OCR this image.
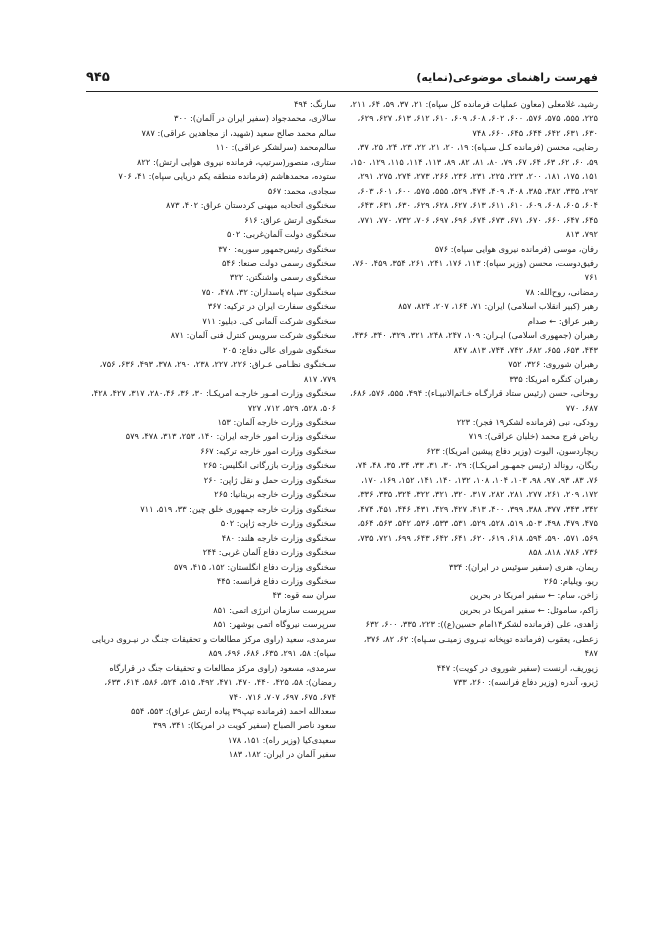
فهرست راهنمای موضوعی(نمایه)
۹۴۵

رشید، غلامعلی (معاون عملیات فرمانده کل سپاه): ۲۱، ۳۷، ۵۹، ۶۴، ۲۱۱، ۲۲۵، ۵۵۵، ۵۷۵، ۵۷۶، ۶۰۰، ۶۰۲، ۶۰۸، ۶۰۹، ۶۱۰، ۶۱۲، ۶۱۳، ۶۲۷، ۶۲۹، ۶۳۰، ۶۳۱، ۶۴۲، ۶۴۴، ۶۴۵، ۶۶۰، ۷۴۸

رضایی، محسن (فرمانده کـل سـپاه): ۱۹، ۲۰، ۲۱، ۲۲، ۲۳، ۲۴، ۲۵، ۳۷، ۵۹، ۶۰، ۶۲، ۶۳، ۶۴، ۶۷، ۷۹، ۸۰، ۸۱، ۸۲، ۸۹، ۱۱۳، ۱۱۴، ۱۱۵، ۱۲۹، ۱۵۰، ۱۵۱، ۱۷۵، ۱۸۱، ۲۰۰، ۲۲۳، ۲۲۵، ۲۳۱، ۲۳۶، ۲۶۶، ۲۷۳، ۲۷۴، ۲۷۵، ۲۹۱، ۲۹۲، ۳۳۵، ۳۸۲، ۳۸۵، ۴۰۸، ۴۰۹، ۴۷۴، ۵۲۹، ۵۵۵، ۵۷۵، ۶۰۰، ۶۰۱، ۶۰۳، ۶۰۴، ۶۰۵، ۶۰۸، ۶۰۹، ۶۱۰، ۶۱۱، ۶۱۳، ۶۲۷، ۶۲۸، ۶۲۹، ۶۳۰، ۶۳۱، ۶۴۳، ۶۴۵، ۶۴۷، ۶۶۰، ۶۷۰، ۶۷۱، ۶۷۳، ۶۷۴، ۶۹۶، ۶۹۷، ۷۰۶، ۷۳۲، ۷۷۰، ۷۷۱، ۷۹۲، ۸۱۳

رفان، موسی (فرمانده نیروی هوایی سپاه): ۵۷۶

رفیق‌دوست، محسن (وزیر سپاه): ۱۱۳، ۱۷۶، ۲۴۱، ۲۶۱، ۳۵۴، ۴۵۹، ۷۶۰، ۷۶۱

رمضانی، روح‌الله: ۷۸

رهبر (کبیر انقلاب اسلامی) ایران: ۷۱، ۱۶۴، ۲۰۷، ۸۲۴، ۸۵۷

رهبر عراق: ← صدام

رهبران (جمهوری اسلامی) ایـران: ۱۰۹، ۲۴۷، ۲۴۸، ۳۲۱، ۳۲۹، ۳۴۰، ۴۳۶، ۴۴۳، ۶۵۳، ۶۵۵، ۶۸۲، ۷۴۲، ۷۴۴، ۸۱۳، ۸۴۷

رهبران شوروی: ۳۲۶، ۷۵۲

رهبران کنگره امریکا: ۳۳۵

روحانی، حسن (رئیس ستاد قرارگـاه خـاتم‌الانبیـاء): ۴۹۴، ۵۵۵، ۵۷۶، ۶۸۶، ۶۸۷، ۷۷۰

رودکی، نبی (فرمانده لشکر۱۹ فجر): ۲۲۳

ریاض فرج محمد (خلبان عراقی): ۷۱۹

ریچاردسون، الیوت (وزیر دفاع پیشین امریکا): ۶۲۳

ریگان، رونالد (رئیس جمهـور امریکـا): ۲۹، ۳۰، ۳۱، ۳۳، ۳۴، ۳۵، ۴۸، ۷۴، ۷۶، ۸۳، ۹۳، ۹۷، ۹۸، ۱۰۳، ۱۰۴، ۱۰۸، ۱۳۲، ۱۴۰، ۱۴۱، ۱۵۲، ۱۶۹، ۱۷۰، ۱۷۲، ۲۰۹، ۲۶۱، ۲۷۷، ۲۸۱، ۲۸۲، ۳۱۷، ۳۲۰، ۳۲۱، ۳۲۲، ۳۲۴، ۳۳۵، ۳۳۶، ۳۴۲، ۳۴۳، ۳۷۷، ۳۸۸، ۳۹۹، ۴۰۰، ۴۱۳، ۴۲۷، ۴۲۹، ۴۳۱، ۴۴۶، ۴۵۱، ۴۷۴، ۴۷۵، ۴۷۹، ۴۹۸، ۵۰۳، ۵۱۹، ۵۲۸، ۵۲۹، ۵۳۱، ۵۳۳، ۵۳۶، ۵۴۲، ۵۶۳، ۵۶۴، ۵۶۹، ۵۷۱، ۵۹۰، ۵۹۴، ۶۱۸، ۶۱۹، ۶۲۰، ۶۴۱، ۶۴۲، ۶۴۳، ۶۹۹، ۷۲۱، ۷۳۵، ۷۳۶، ۷۸۶، ۸۱۸، ۸۵۸

ریمان، هنری (سفیر سوئیس در ایران): ۳۳۴

ریو، ویلیام: ۲۶۵

زاخن، سام: ← سفیر امریکا در بحرین

زاکم، ساموئل: ← سفیر امریکا در بحرین

زاهدی، علی (فرمانده لشکر۱۴امام حسین(ع)): ۲۲۳، ۳۳۵، ۶۰۰، ۶۳۲

زعطی، یعقوب (فرمانده توپخانه نیـروی زمینـی سـپاه): ۶۲، ۸۲، ۳۷۶، ۴۸۷

زیوریف، ارنست (سفیر شوروی در کویت): ۴۴۷

ژیرو، آندره (وزیر دفاع فرانسه): ۲۶۰، ۷۳۳

سارنگ: ۴۹۴

سالاری، محمدجواد (سفیر ایران در آلمان): ۳۰۰

سالم محمد صالح سعید (شهید، از مجاهدین عراقی): ۷۸۷

سالم‌محمد (سرلشکر عراقی): ۱۱۰

ستاری، منصور(سرتیپ، فرمانده نیروی هوایی ارتش): ۸۲۲

ستوده، محمدهاشم (فرمانده منطقه یکم دریایی سپاه): ۴۱، ۷۰۶

سجادی، محمد: ۵۶۷

سخنگوی اتحادیه میهنی کردستان عراق: ۴۰۲، ۸۷۳

سخنگوی ارتش عراق: ۶۱۶

سخنگوی دولت آلمان‌غربی: ۵۰۲

سخنگوی رئیس‌جمهور سوریه: ۳۷۰

سخنگوی رسمی دولت صنعا: ۵۴۶

سخنگوی رسمی واشنگتن: ۳۲۲

سخنگوی سپاه پاسداران: ۳۲، ۴۷۸، ۷۵۰

سخنگوی سفارت ایران در ترکیه: ۳۶۷

سخنگوی شرکت آلمانی کی. دبلیو: ۷۱۱

سخنگوی شرکت سرویس کنترل فنی آلمان: ۸۷۱

سخنگوی شورای عالی دفاع: ۲۰۵

سـخنگوی نظـامی عـراق: ۲۲۶، ۲۲۷، ۲۳۸، ۲۹۰، ۳۷۸، ۴۹۳، ۶۳۶، ۷۵۶، ۷۷۹، ۸۱۷

سخنگوی وزارت امـور خارجـه امریکـا: ۳۰، ۳۶، ۲۸۰،۴۶، ۳۱۷، ۴۲۷، ۴۲۸، ۵۰۶، ۵۲۸، ۵۲۹، ۷۱۲، ۷۲۷

سخنگوی وزارت خارجه آلمان: ۱۵۳

سخنگوی وزارت امور خارجه ایران: ۱۴۰، ۲۵۳، ۳۱۳، ۴۷۸، ۵۷۹

سخنگوی وزارت امور خارجه ترکیه: ۶۶۷

سخنگوی وزارت بازرگانی انگلیس: ۲۶۵

سخنگوی وزارت حمل و نقل ژاپن: ۲۶۰

سخنگوی وزارت خارجه بریتانیا: ۲۶۵

سخنگوی وزارت خارجه جمهوری خلق چین: ۳۳، ۵۱۹، ۷۱۱

سخنگوی وزارت خارجه ژاپن: ۵۰۲

سخنگوی وزارت خارجه هلند: ۴۸۰

سخنگوی وزارت دفاع آلمان غربی: ۲۴۴

سخنگوی وزارت دفاع انگلستان: ۱۵۲، ۴۱۵، ۵۷۹

سخنگوی وزارت دفاع فرانسه: ۴۴۵

سران سه قوه: ۴۳

سرپرست سازمان انرژی اتمی: ۸۵۱

سرپرست نیروگاه اتمی بوشهر: ۸۵۱

سرمدی، سعید (راوی مرکز مطالعات و تحقیقات جنـگ در نیـروی دریایی سپاه): ۵۸، ۲۹۱، ۶۳۵، ۶۸۶، ۶۹۶، ۸۵۹

سرمدی، مسعود (راوی مرکز مطالعات و تحقیقات جنگ در قرارگاه رمضان): ۵۸، ۴۲۵، ۴۴۰، ۴۷۰، ۴۷۱، ۴۹۲، ۵۱۵، ۵۲۴، ۵۸۶، ۶۱۴، ۶۳۳، ۶۷۴، ۶۷۵، ۶۹۷، ۷۰۷، ۷۱۶، ۷۴۰

سعدالله احمد (فرمانده تیپ۳۹ پیاده ارتش عراق): ۵۵۳، ۵۵۴

سعود ناصر الصباح (سفیر کویت در امریکا): ۳۴۱، ۳۹۹

سعیدی‌کیا (وزیر راه): ۱۵۱، ۱۷۸

سفیر آلمان در ایران: ۱۸۲، ۱۸۳
